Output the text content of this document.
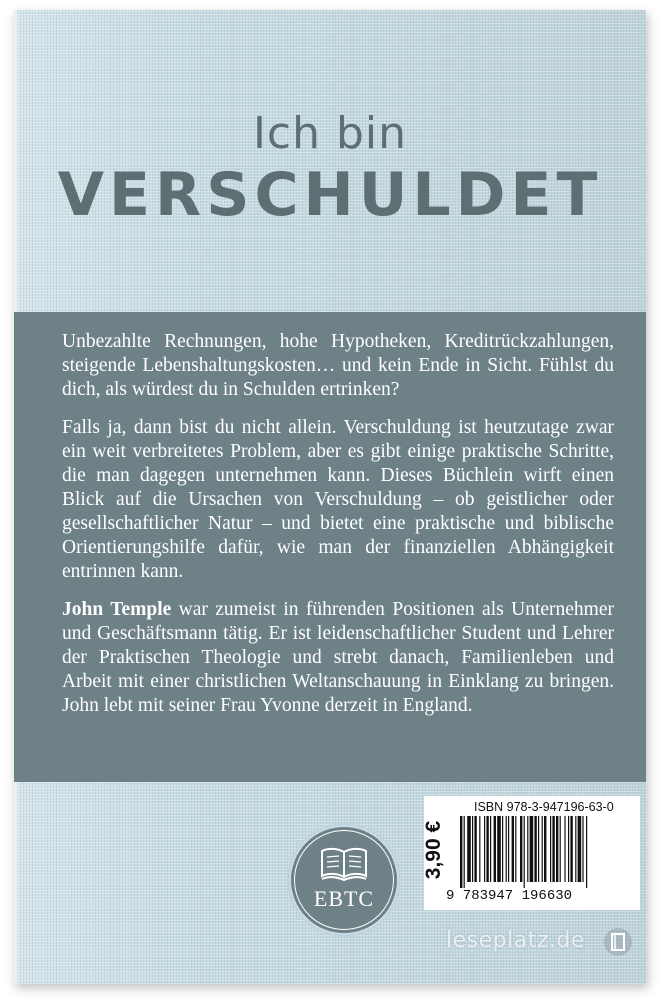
Ich bin
VERSCHULDET

Unbezahlte Rechnungen, hohe Hypotheken, Kreditrückzahlungen, steigende Lebenshaltungskosten… und kein Ende in Sicht. Fühlst du dich, als würdest du in Schulden ertrinken?

Falls ja, dann bist du nicht allein. Verschuldung ist heutzutage zwar ein weit verbreitetes Problem, aber es gibt einige praktische Schritte, die man dagegen unternehmen kann. Dieses Büchlein wirft einen Blick auf die Ursachen von Verschuldung – ob geistlicher oder gesellschaftlicher Natur – und bietet eine praktische und biblische Orientierungshilfe dafür, wie man der finanziellen Abhängigkeit entrinnen kann.

John Temple war zumeist in führenden Positionen als Unternehmer und Geschäftsmann tätig. Er ist leidenschaftlicher Student und Lehrer der Praktischen Theologie und strebt danach, Familienleben und Arbeit mit einer christlichen Weltanschauung in Einklang zu bringen. John lebt mit seiner Frau Yvonne derzeit in England.

EBTC
3,90 €
ISBN 978-3-947196-63-0
9 783947 196630
leseplatz.de
